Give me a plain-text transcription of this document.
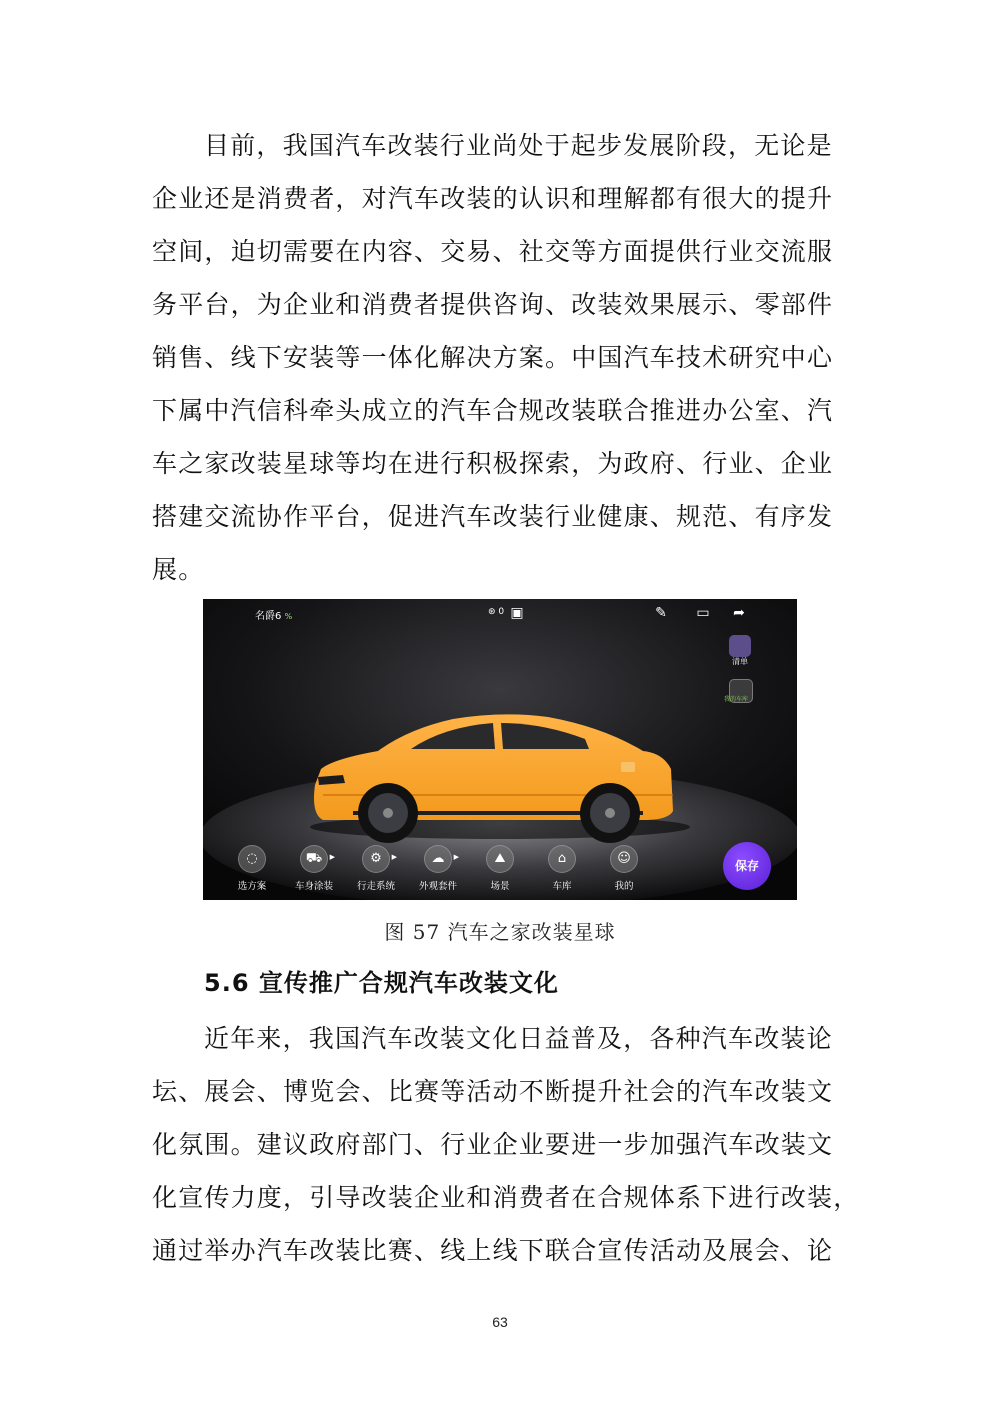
目前，我国汽车改装行业尚处于起步发展阶段，无论是
企业还是消费者，对汽车改装的认识和理解都有很大的提升
空间，迫切需要在内容、交易、社交等方面提供行业交流服
务平台，为企业和消费者提供咨询、改装效果展示、零部件
销售、线下安装等一体化解决方案。中国汽车技术研究中心
下属中汽信科牵头成立的汽车合规改装联合推进办公室、汽
车之家改装星球等均在进行积极探索，为政府、行业、企业
搭建交流协作平台，促进汽车改装行业健康、规范、有序发
展。
名爵6 %	⊛ 0 ▣	✎ ▭ ➦
清单
我的车库
◌
选方案
⛟	▶
车身涂装
⚙	▶
行走系统
☁	▶
外观套件
⛰
场景
⌂
车库
☺
我的
保存
图 57 汽车之家改装星球
5.6 宣传推广合规汽车改装文化
近年来，我国汽车改装文化日益普及，各种汽车改装论
坛、展会、博览会、比赛等活动不断提升社会的汽车改装文
化氛围。建议政府部门、行业企业要进一步加强汽车改装文
化宣传力度，引导改装企业和消费者在合规体系下进行改装，
通过举办汽车改装比赛、线上线下联合宣传活动及展会、论
63
